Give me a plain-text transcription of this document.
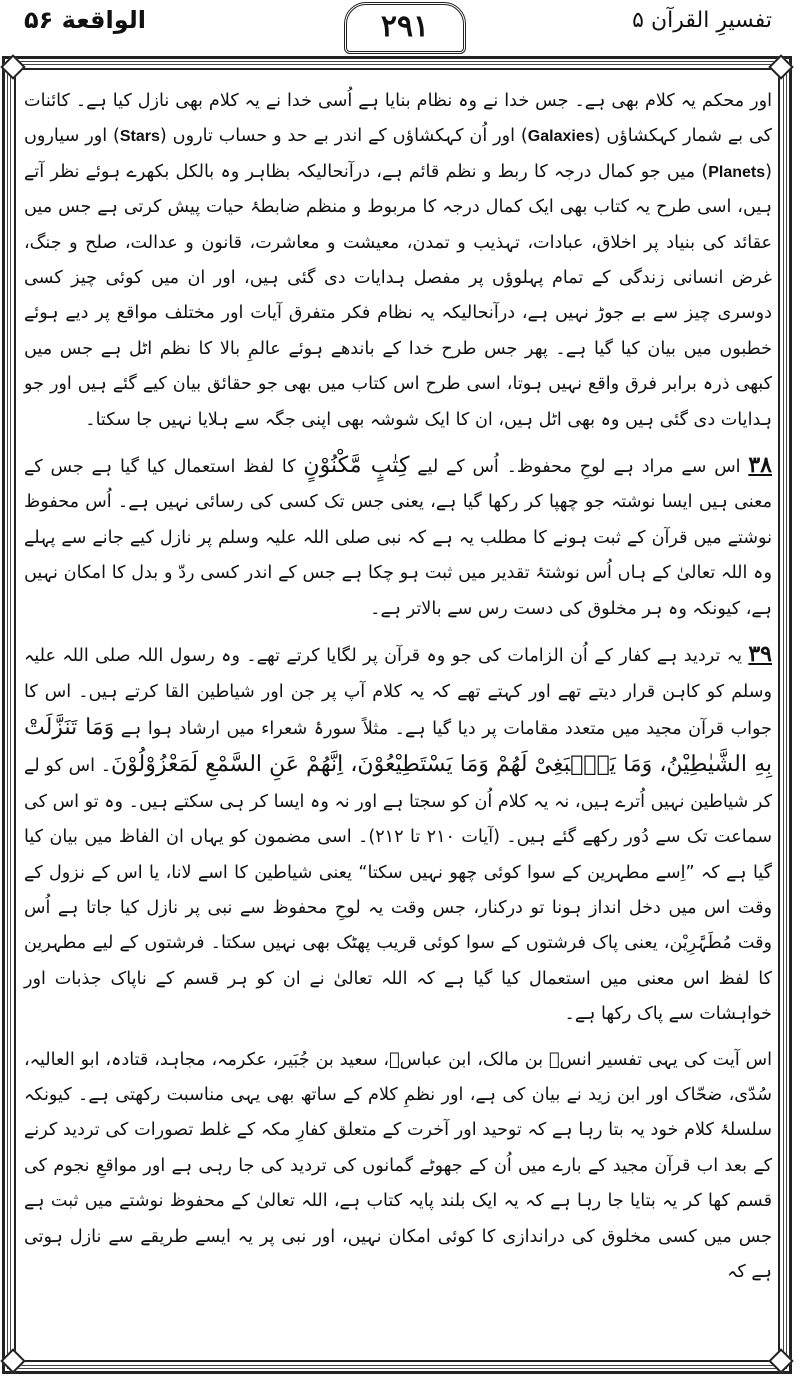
الواقعة ۵۶	۲۹۱	تفسیرِ القرآن ۵

اور محکم یہ کلام بھی ہے۔ جس خدا نے وہ نظام بنایا ہے اُسی خدا نے یہ کلام بھی نازل کیا ہے۔ کائنات کی بے شمار کہکشاؤں (Galaxies) اور اُن کہکشاؤں کے اندر بے حد و حساب تاروں (Stars) اور سیاروں (Planets) میں جو کمال درجہ کا ربط و نظم قائم ہے، درآنحالیکہ بظاہر وہ بالکل بکھرے ہوئے نظر آتے ہیں، اسی طرح یہ کتاب بھی ایک کمال درجہ کا مربوط و منظم ضابطۂ حیات پیش کرتی ہے جس میں عقائد کی بنیاد پر اخلاق، عبادات، تہذیب و تمدن، معیشت و معاشرت، قانون و عدالت، صلح و جنگ، غرض انسانی زندگی کے تمام پہلوؤں پر مفصل ہدایات دی گئی ہیں، اور ان میں کوئی چیز کسی دوسری چیز سے بے جوڑ نہیں ہے، درآنحالیکہ یہ نظام فکر متفرق آیات اور مختلف مواقع پر دیے ہوئے خطبوں میں بیان کیا گیا ہے۔ پھر جس طرح خدا کے باندھے ہوئے عالمِ بالا کا نظم اٹل ہے جس میں کبھی ذرہ برابر فرق واقع نہیں ہوتا، اسی طرح اس کتاب میں بھی جو حقائق بیان کیے گئے ہیں اور جو ہدایات دی گئی ہیں وہ بھی اٹل ہیں، ان کا ایک شوشہ بھی اپنی جگہ سے ہلایا نہیں جا سکتا۔

۳۸ اس سے مراد ہے لوحِ محفوظ۔ اُس کے لیے کِتٰبٍ مَّکْنُوْنٍ کا لفظ استعمال کیا گیا ہے جس کے معنی ہیں ایسا نوشتہ جو چھپا کر رکھا گیا ہے، یعنی جس تک کسی کی رسائی نہیں ہے۔ اُس محفوظ نوشتے میں قرآن کے ثبت ہونے کا مطلب یہ ہے کہ نبی صلی اللہ علیہ وسلم پر نازل کیے جانے سے پہلے وہ اللہ تعالیٰ کے ہاں اُس نوشتۂ تقدیر میں ثبت ہو چکا ہے جس کے اندر کسی ردّ و بدل کا امکان نہیں ہے، کیونکہ وہ ہر مخلوق کی دست رس سے بالاتر ہے۔

۳۹ یہ تردید ہے کفار کے اُن الزامات کی جو وہ قرآن پر لگایا کرتے تھے۔ وہ رسول اللہ صلی اللہ علیہ وسلم کو کاہن قرار دیتے تھے اور کہتے تھے کہ یہ کلام آپ پر جن اور شیاطین القا کرتے ہیں۔ اس کا جواب قرآن مجید میں متعدد مقامات پر دیا گیا ہے۔ مثلاً سورۂ شعراء میں ارشاد ہوا ہے وَمَا تَنَزَّلَتْ بِهِ الشَّیٰطِیْنُ، وَمَا یَنْۢبَغِیْ لَهُمْ وَمَا یَسْتَطِیْعُوْنَ، اِنَّهُمْ عَنِ السَّمْعِ لَمَعْزُوْلُوْنَ۔ اس کو لے کر شیاطین نہیں اُترے ہیں، نہ یہ کلام اُن کو سجتا ہے اور نہ وہ ایسا کر ہی سکتے ہیں۔ وہ تو اس کی سماعت تک سے دُور رکھے گئے ہیں۔ (آیات ۲۱۰ تا ۲۱۲)۔ اسی مضمون کو یہاں ان الفاظ میں بیان کیا گیا ہے کہ ”اِسے مطہرین کے سوا کوئی چھو نہیں سکتا“ یعنی شیاطین کا اسے لانا، یا اس کے نزول کے وقت اس میں دخل انداز ہونا تو درکنار، جس وقت یہ لوحِ محفوظ سے نبی پر نازل کیا جاتا ہے اُس وقت مُطَہَّرِیْن، یعنی پاک فرشتوں کے سوا کوئی قریب پھٹک بھی نہیں سکتا۔ فرشتوں کے لیے مطہرین کا لفظ اس معنی میں استعمال کیا گیا ہے کہ اللہ تعالیٰ نے ان کو ہر قسم کے ناپاک جذبات اور خواہشات سے پاک رکھا ہے۔

اس آیت کی یہی تفسیر انسؓ بن مالک، ابن عباسؓ، سعید بن جُبَیر، عکرمہ، مجاہد، قتادہ، ابو العالیہ، سُدّی، ضحّاک اور ابن زید نے بیان کی ہے، اور نظمِ کلام کے ساتھ بھی یہی مناسبت رکھتی ہے۔ کیونکہ سلسلۂ کلام خود یہ بتا رہا ہے کہ توحید اور آخرت کے متعلق کفارِ مکہ کے غلط تصورات کی تردید کرنے کے بعد اب قرآن مجید کے بارے میں اُن کے جھوٹے گمانوں کی تردید کی جا رہی ہے اور مواقعِ نجوم کی قسم کھا کر یہ بتایا جا رہا ہے کہ یہ ایک بلند پایہ کتاب ہے، اللہ تعالیٰ کے محفوظ نوشتے میں ثبت ہے جس میں کسی مخلوق کی دراندازی کا کوئی امکان نہیں، اور نبی پر یہ ایسے طریقے سے نازل ہوتی ہے کہ
